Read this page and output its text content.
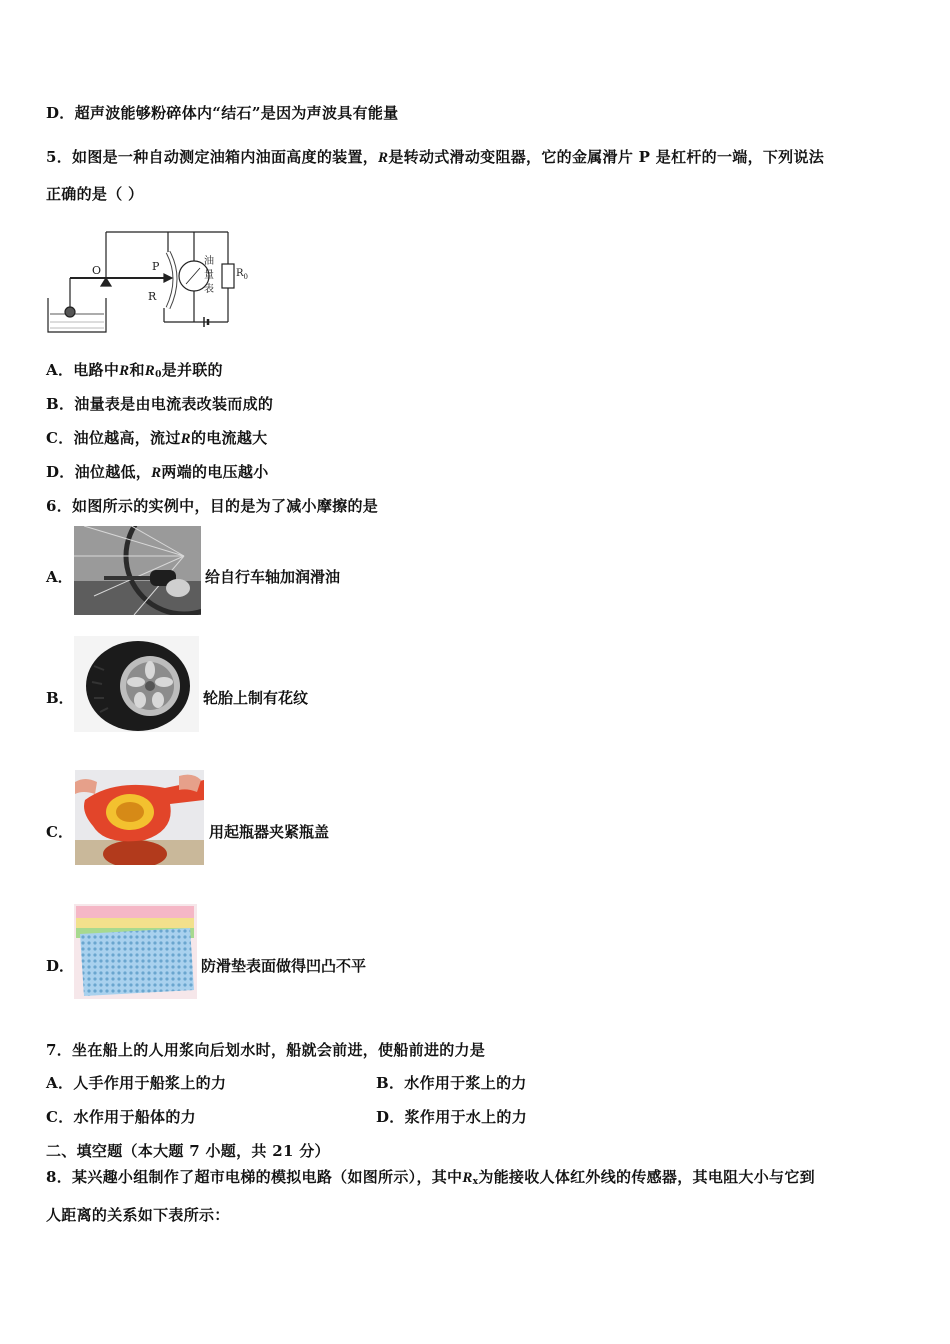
D．超声波能够粉碎体内“结石”是因为声波具有能量
5．如图是一种自动测定油箱内油面高度的装置，R是转动式滑动变阻器，它的金属滑片 P 是杠杆的一端，下列说法
正确的是（ ）
O	P
R
油
量
表
$R_0$
A．电路中R和$R_0$是并联的
B．油量表是由电流表改装而成的
C．油位越高，流过R的电流越大
D．油位越低，R两端的电压越小
6．如图所示的实例中，目的是为了减小摩擦的是
A．	给自行车轴加润滑油
B．	轮胎上制有花纹
C．	用起瓶器夹紧瓶盖
D．	防滑垫表面做得凹凸不平
7．坐在船上的人用浆向后划水时，船就会前进，使船前进的力是
A．人手作用于船浆上的力	B．水作用于浆上的力
C．水作用于船体的力	D．浆作用于水上的力
二、填空题（本大题 7 小题，共 21 分）
8．某兴趣小组制作了超市电梯的模拟电路（如图所示），其中$R_x$为能接收人体红外线的传感器，其电阻大小与它到
人距离的关系如下表所示：
